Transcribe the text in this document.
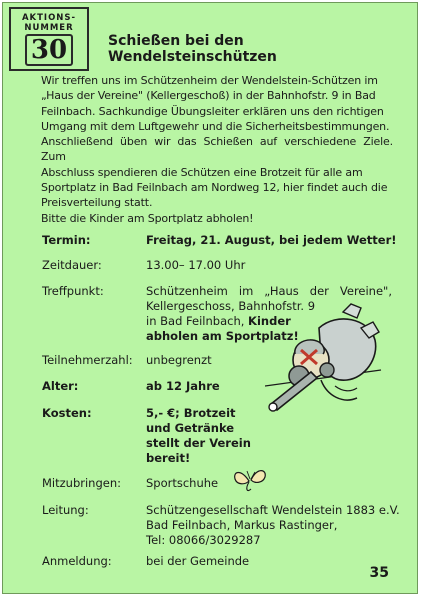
AKTIONS-
NUMMER
30	Schießen bei den Wendelsteinschützen

Wir treffen uns im Schützenheim der Wendelstein-Schützen im
„Haus der Vereine" (Kellergeschoß) in der Bahnhofstr. 9 in Bad
Feilnbach. Sachkundige Übungsleiter erklären uns den richtigen
Umgang mit dem Luftgewehr und die Sicherheitsbestimmungen.
Anschließend üben wir das Schießen auf verschiedene Ziele. Zum
Abschluss spendieren die Schützen eine Brotzeit für alle am
Sportplatz in Bad Feilnbach am Nordweg 12, hier findet auch die
Preisverteilung statt.
Bitte die Kinder am Sportplatz abholen!

Termin:	Freitag, 21. August, bei jedem Wetter!
Zeitdauer:	13.00– 17.00 Uhr
Treffpunkt:	Schützenheim im „Haus der Vereine",
Kellergeschoss, Bahnhofstr. 9
in Bad Feilnbach, Kinder
abholen am Sportplatz!
Teilnehmerzahl: unbegrenzt
Alter:	ab 12 Jahre
Kosten:	5,- €; Brotzeit
und Getränke
stellt der Verein
bereit!
Mitzubringen: Sportschuhe
Leitung:	Schützengesellschaft Wendelstein 1883 e.V.
Bad Feilnbach, Markus Rastinger,
Tel: 08066/3029287
Anmeldung:	bei der Gemeinde
35
